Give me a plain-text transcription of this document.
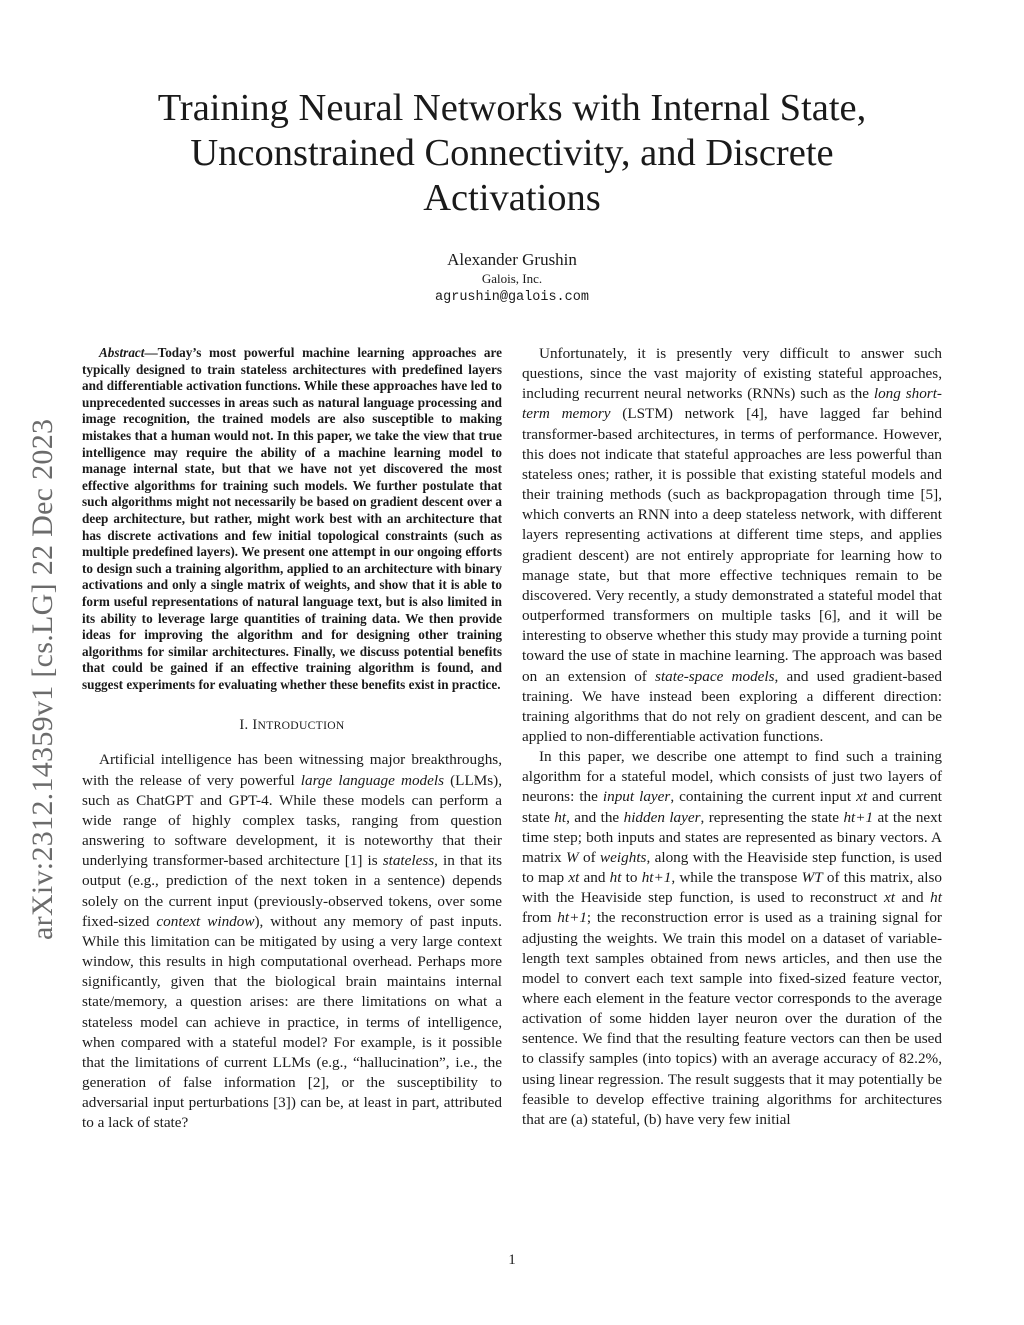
arXiv:2312.14359v1 [cs.LG] 22 Dec 2023
Training Neural Networks with Internal State,
Unconstrained Connectivity, and Discrete
Activations
Alexander Grushin
Galois, Inc.
agrushin@galois.com

Abstract—Today’s most powerful machine learning approaches are typically designed to train stateless architectures with predefined layers and differentiable activation functions. While these approaches have led to unprecedented successes in areas such as natural language processing and image recognition, the trained models are also susceptible to making mistakes that a human would not. In this paper, we take the view that true intelligence may require the ability of a machine learning model to manage internal state, but that we have not yet discovered the most effective algorithms for training such models. We further postulate that such algorithms might not necessarily be based on gradient descent over a deep architecture, but rather, might work best with an architecture that has discrete activations and few initial topological constraints (such as multiple predefined layers). We present one attempt in our ongoing efforts to design such a training algorithm, applied to an architecture with binary activations and only a single matrix of weights, and show that it is able to form useful representations of natural language text, but is also limited in its ability to leverage large quantities of training data. We then provide ideas for improving the algorithm and for designing other training algorithms for similar architectures. Finally, we discuss potential benefits that could be gained if an effective training algorithm is found, and suggest experiments for evaluating whether these benefits exist in practice.

I. INTRODUCTION

Artificial intelligence has been witnessing major breakthroughs, with the release of very powerful large language models (LLMs), such as ChatGPT and GPT-4. While these models can perform a wide range of highly complex tasks, ranging from question answering to software development, it is noteworthy that their underlying transformer-based architecture [1] is stateless, in that its output (e.g., prediction of the next token in a sentence) depends solely on the current input (previously-observed tokens, over some fixed-sized context window), without any memory of past inputs. While this limitation can be mitigated by using a very large context window, this results in high computational overhead. Perhaps more significantly, given that the biological brain maintains internal state/memory, a question arises: are there limitations on what a stateless model can achieve in practice, in terms of intelligence, when compared with a stateful model? For example, is it possible that the limitations of current LLMs (e.g., “hallucination”, i.e., the generation of false information [2], or the susceptibility to adversarial input perturbations [3]) can be, at least in part, attributed to a lack of state?

Unfortunately, it is presently very difficult to answer such questions, since the vast majority of existing stateful approaches, including recurrent neural networks (RNNs) such as the long short-term memory (LSTM) network [4], have lagged far behind transformer-based architectures, in terms of performance. However, this does not indicate that stateful approaches are less powerful than stateless ones; rather, it is possible that existing stateful models and their training methods (such as backpropagation through time [5], which converts an RNN into a deep stateless network, with different layers representing activations at different time steps, and applies gradient descent) are not entirely appropriate for learning how to manage state, but that more effective techniques remain to be discovered. Very recently, a study demonstrated a stateful model that outperformed transformers on multiple tasks [6], and it will be interesting to observe whether this study may provide a turning point toward the use of state in machine learning. The approach was based on an extension of state-space models, and used gradient-based training. We have instead been exploring a different direction: training algorithms that do not rely on gradient descent, and can be applied to non-differentiable activation functions.

In this paper, we describe one attempt to find such a training algorithm for a stateful model, which consists of just two layers of neurons: the input layer, containing the current input xt and current state ht, and the hidden layer, representing the state ht+1 at the next time step; both inputs and states are represented as binary vectors. A matrix W of weights, along with the Heaviside step function, is used to map xt and ht to ht+1, while the transpose WT of this matrix, also with the Heaviside step function, is used to reconstruct xt and ht from ht+1; the reconstruction error is used as a training signal for adjusting the weights. We train this model on a dataset of variable-length text samples obtained from news articles, and then use the model to convert each text sample into fixed-sized feature vector, where each element in the feature vector corresponds to the average activation of some hidden layer neuron over the duration of the sentence. We find that the resulting feature vectors can then be used to classify samples (into topics) with an average accuracy of 82.2%, using linear regression. The result suggests that it may potentially be feasible to develop effective training algorithms for architectures that are (a) stateful, (b) have very few initial

1
